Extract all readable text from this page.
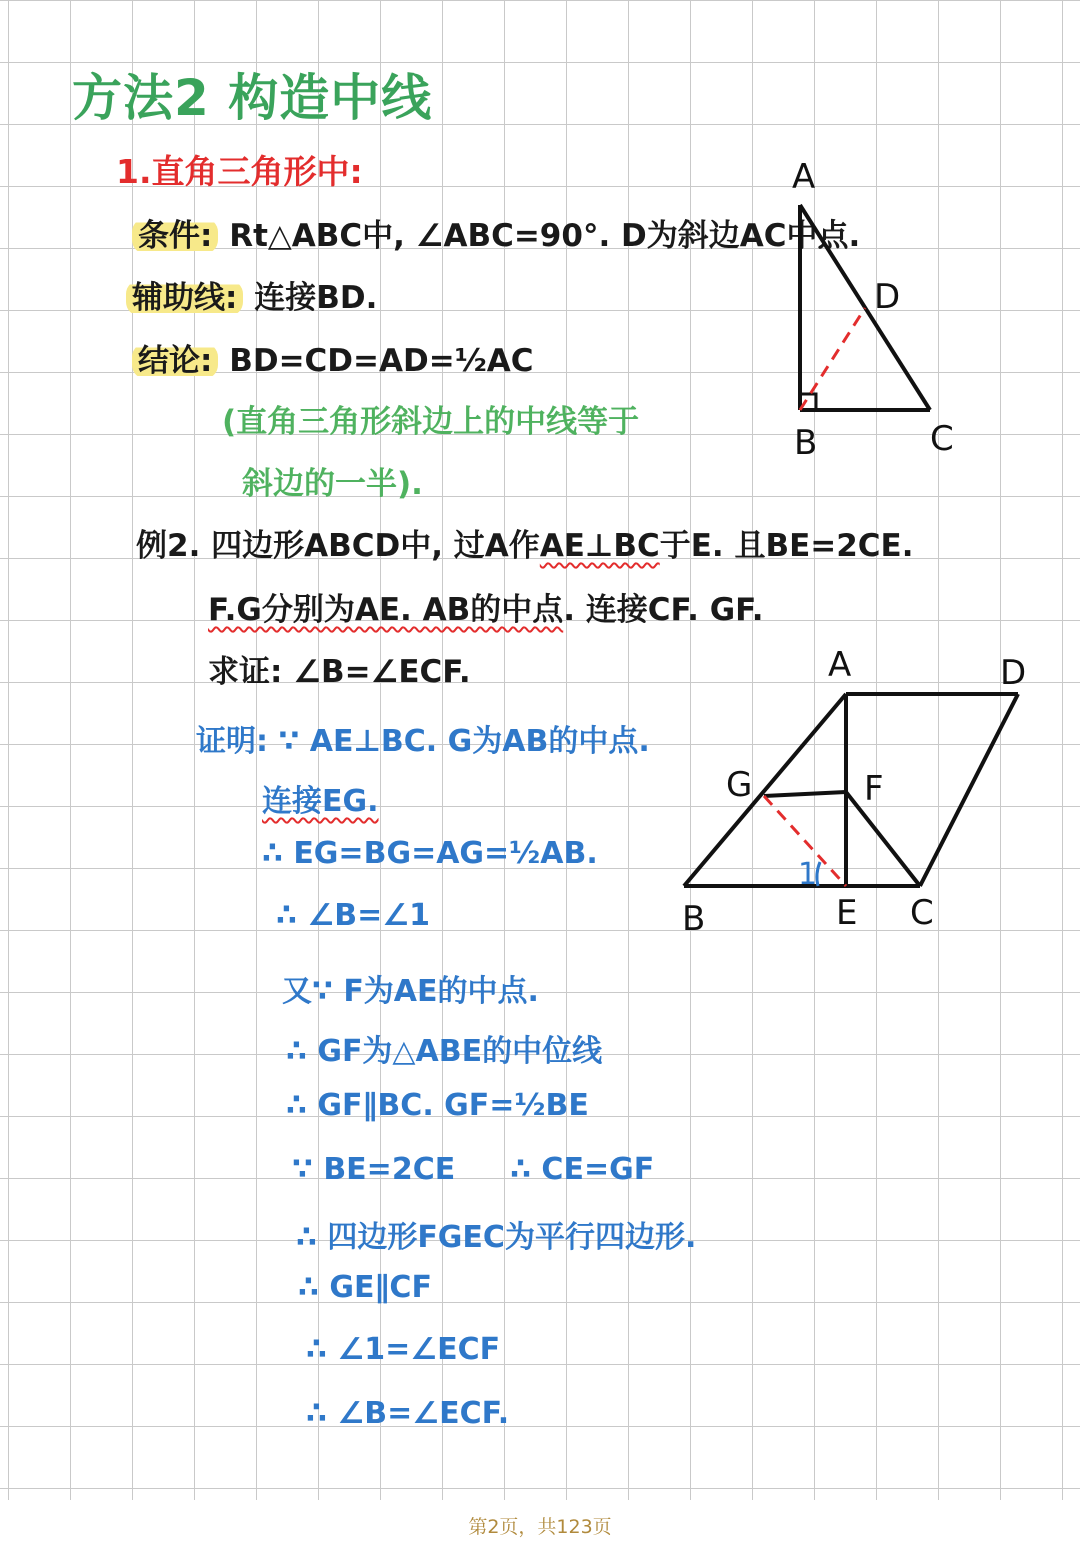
方法2 构造中线
1.直角三角形中:
条件: Rt△ABC中, ∠ABC=90°. D为斜边AC中点.
辅助线: 连接BD.
结论: BD=CD=AD=½AC
(直角三角形斜边上的中线等于
斜边的一半).
A
D
B	C
例2. 四边形ABCD中, 过A作AE⊥BC于E. 且BE=2CE.
F.G分别为AE. AB的中点. 连接CF. GF.
求证: ∠B=∠ECF.
证明: ∵ AE⊥BC. G为AB的中点.
连接EG.
∴ EG=BG=AG=½AB.
∴ ∠B=∠1
又∵ F为AE的中点.
∴ GF为△ABE的中位线
∴ GF∥BC. GF=½BE
∵ BE=2CE ∴ CE=GF
∴ 四边形FGEC为平行四边形.
∴ GE∥CF
∴ ∠1=∠ECF
∴ ∠B=∠ECF.
A	D
G	F
B	E C
1
第2页，共123页
